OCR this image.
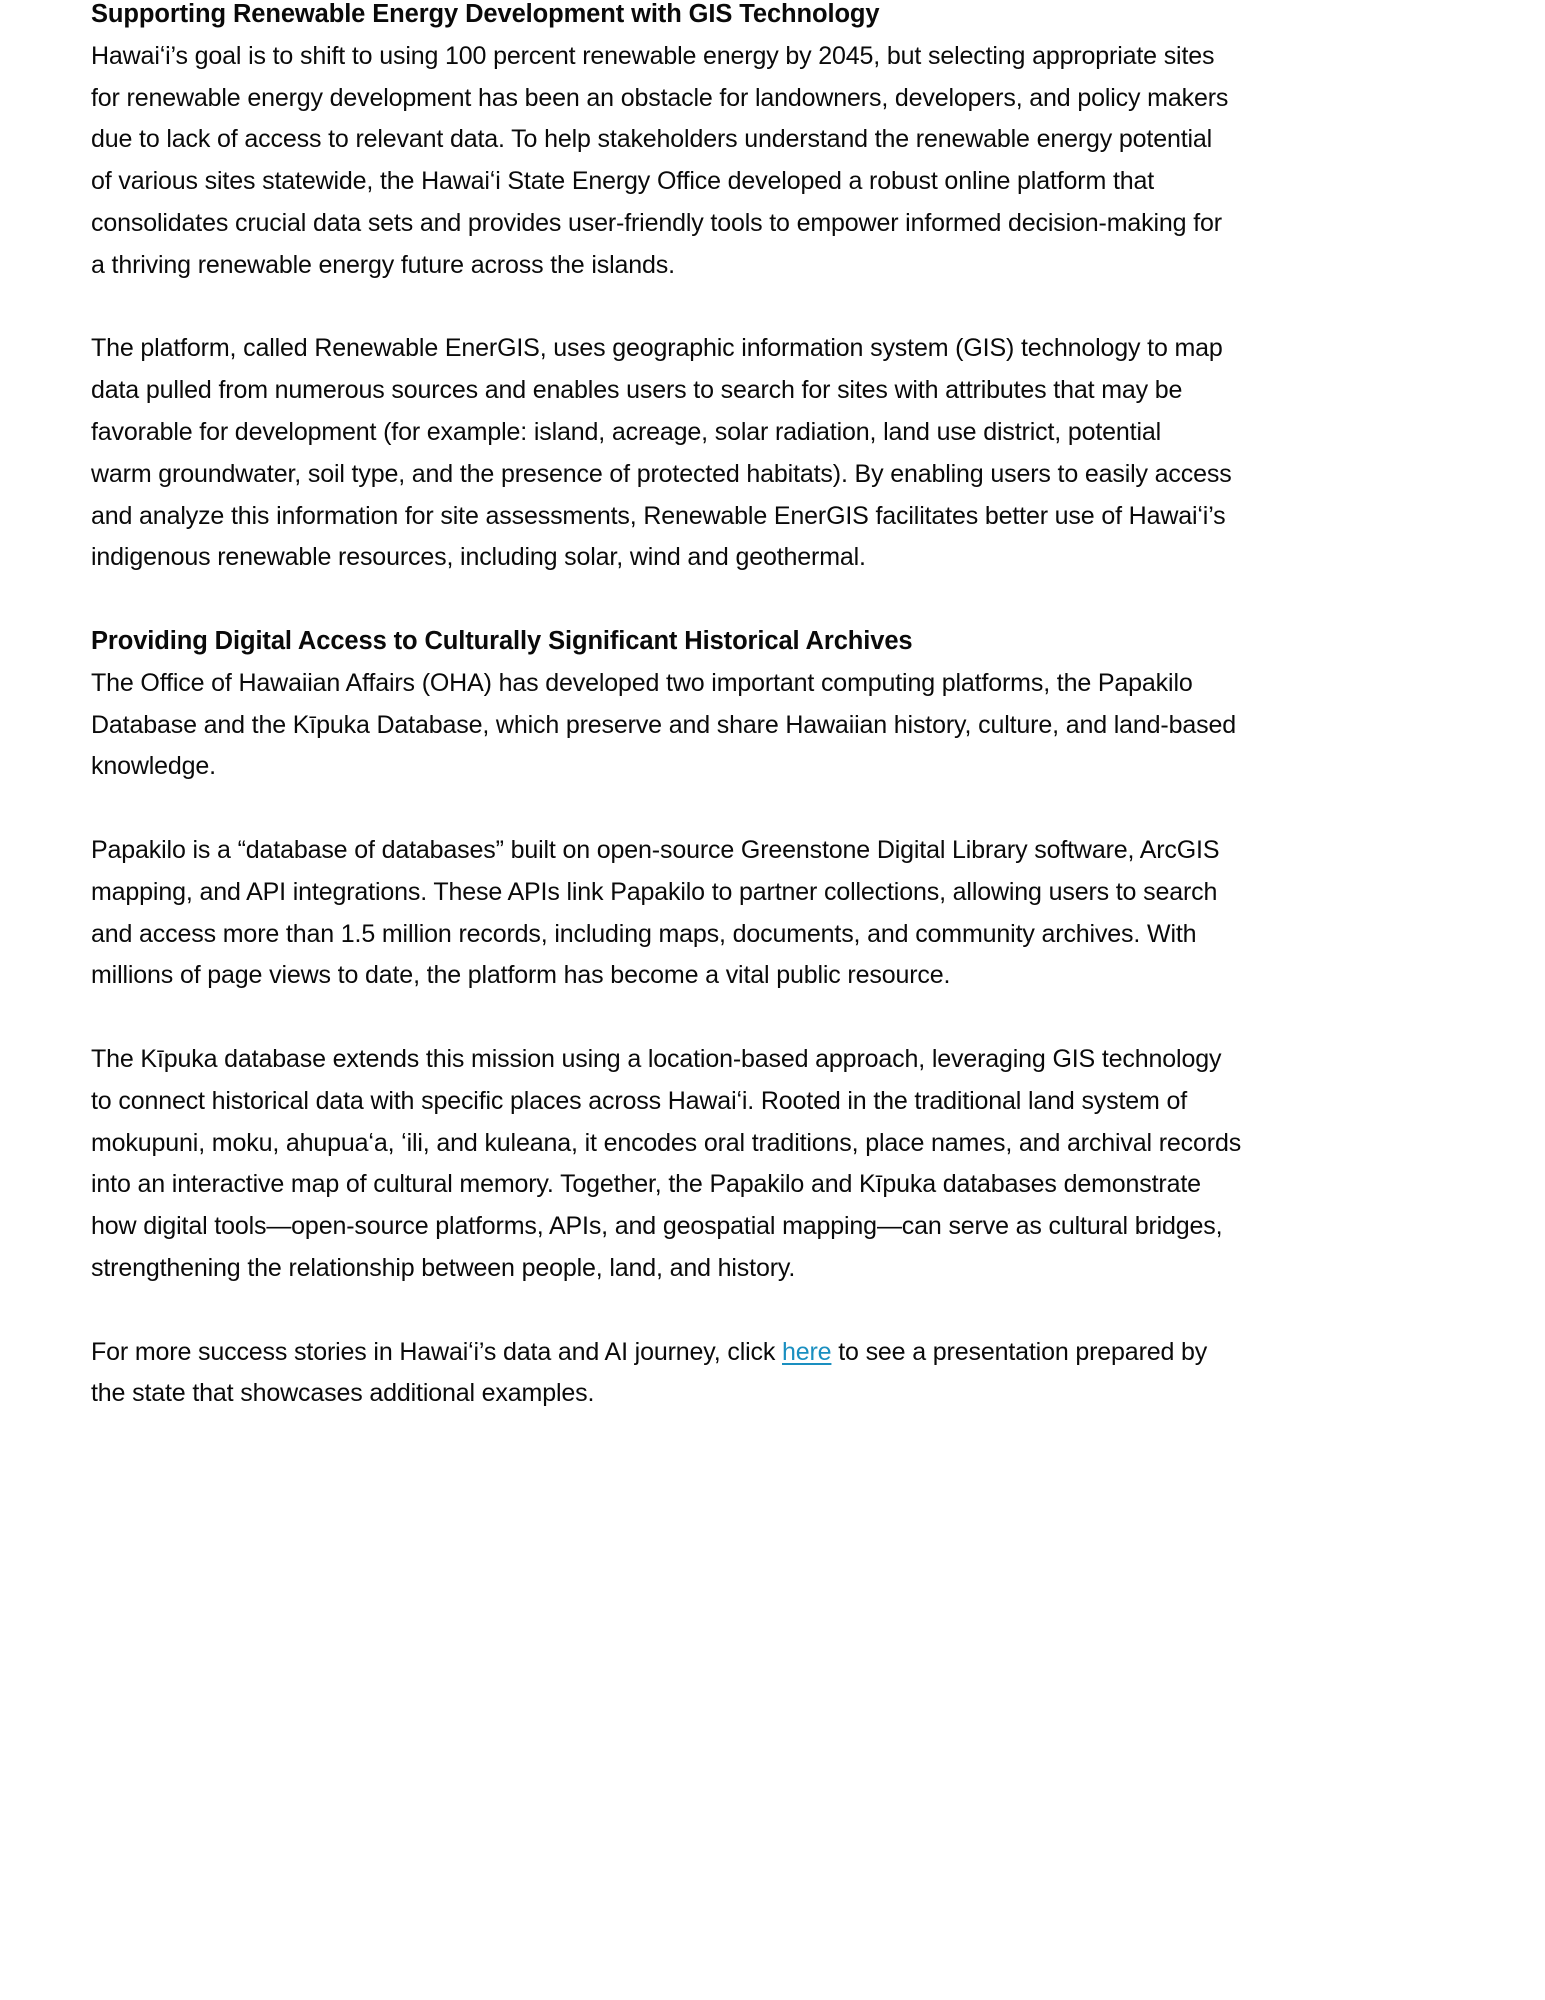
Supporting Renewable Energy Development with GIS Technology
Hawaiʻi’s goal is to shift to using 100 percent renewable energy by 2045, but selecting appropriate sites
for renewable energy development has been an obstacle for landowners, developers, and policy makers
due to lack of access to relevant data. To help stakeholders understand the renewable energy potential
of various sites statewide, the Hawaiʻi State Energy Office developed a robust online platform that
consolidates crucial data sets and provides user-friendly tools to empower informed decision-making for
a thriving renewable energy future across the islands.
The platform, called Renewable EnerGIS, uses geographic information system (GIS) technology to map
data pulled from numerous sources and enables users to search for sites with attributes that may be
favorable for development (for example: island, acreage, solar radiation, land use district, potential
warm groundwater, soil type, and the presence of protected habitats). By enabling users to easily access
and analyze this information for site assessments, Renewable EnerGIS facilitates better use of Hawaiʻi’s
indigenous renewable resources, including solar, wind and geothermal.
Providing Digital Access to Culturally Significant Historical Archives
The Office of Hawaiian Affairs (OHA) has developed two important computing platforms, the Papakilo
Database and the Kīpuka Database, which preserve and share Hawaiian history, culture, and land-based
knowledge.
Papakilo is a “database of databases” built on open-source Greenstone Digital Library software, ArcGIS
mapping, and API integrations. These APIs link Papakilo to partner collections, allowing users to search
and access more than 1.5 million records, including maps, documents, and community archives. With
millions of page views to date, the platform has become a vital public resource.
The Kīpuka database extends this mission using a location-based approach, leveraging GIS technology
to connect historical data with specific places across Hawaiʻi. Rooted in the traditional land system of
mokupuni, moku, ahupuaʻa, ʻili, and kuleana, it encodes oral traditions, place names, and archival records
into an interactive map of cultural memory. Together, the Papakilo and Kīpuka databases demonstrate
how digital tools—open-source platforms, APIs, and geospatial mapping—can serve as cultural bridges,
strengthening the relationship between people, land, and history.
For more success stories in Hawaiʻi’s data and AI journey, click here to see a presentation prepared by
the state that showcases additional examples.
